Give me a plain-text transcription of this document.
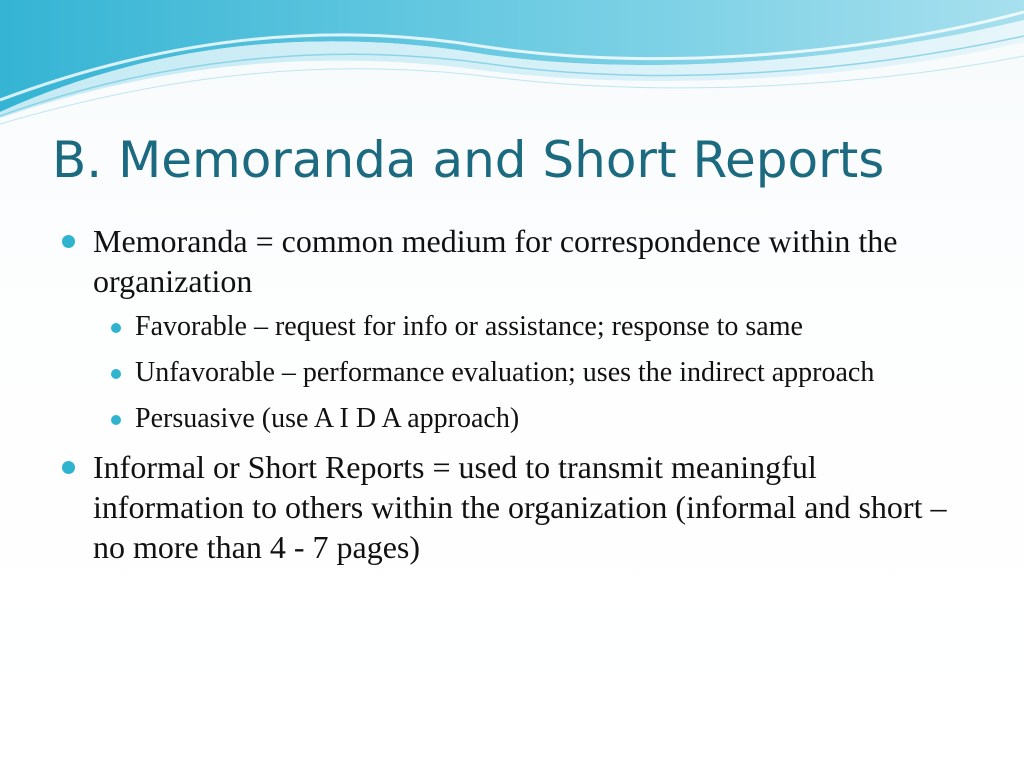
B. Memoranda and Short Reports
Memoranda = common medium for correspondence within the organization
Favorable – request for info or assistance; response to same
Unfavorable – performance evaluation; uses the indirect approach
Persuasive (use A I D A approach)
Informal or Short Reports = used to transmit meaningful information to others within the organization (informal and short – no more than 4 - 7 pages)
